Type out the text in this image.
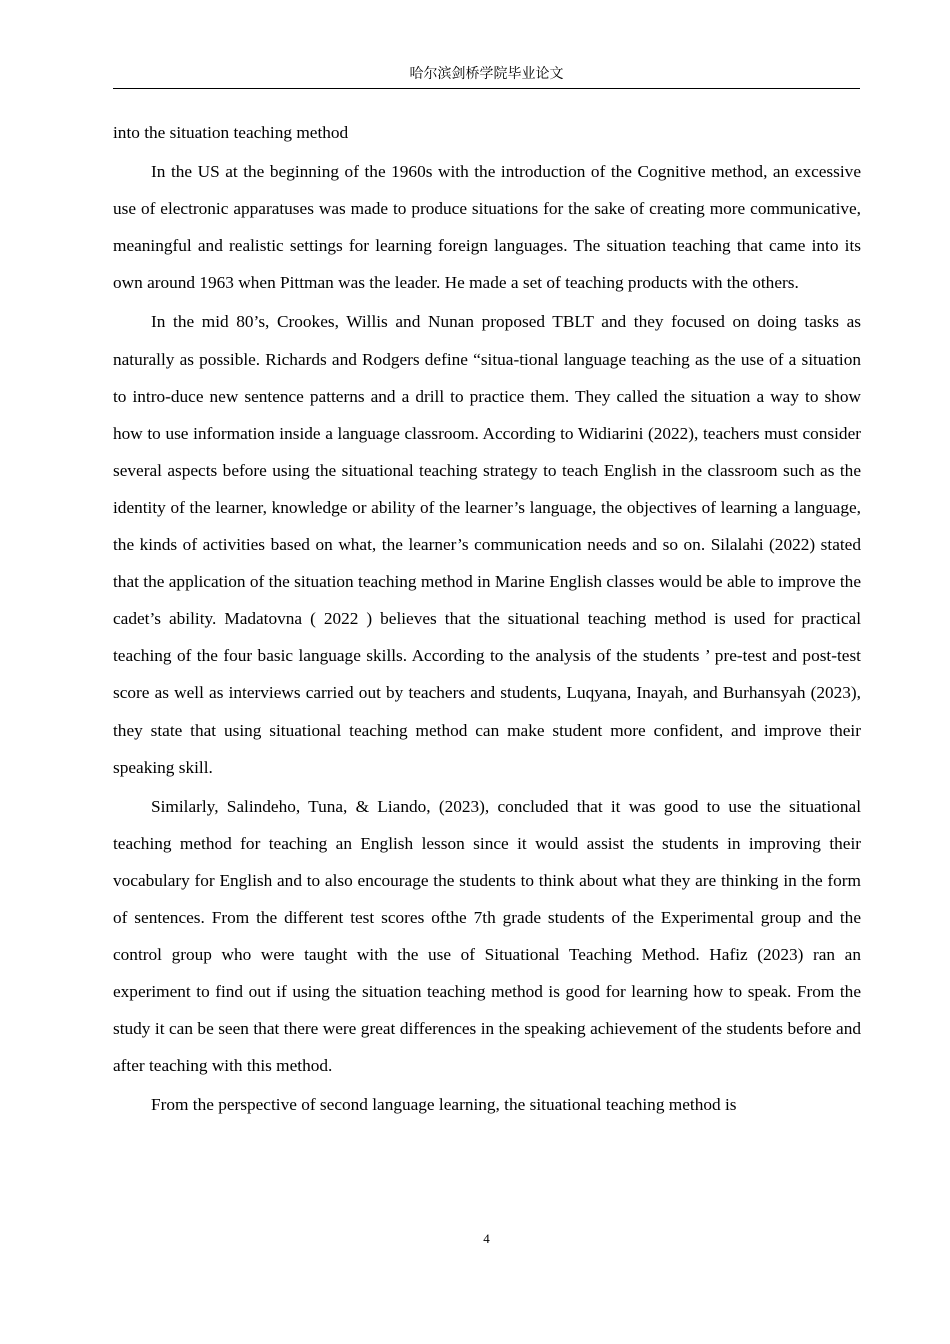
哈尔滨剑桥学院毕业论文

into the situation teaching method

In the US at the beginning of the 1960s with the introduction of the Cognitive method, an excessive use of electronic apparatuses was made to produce situations for the sake of creating more communicative, meaningful and realistic settings for learning foreign languages. The situation teaching that came into its own around 1963 when Pittman was the leader. He made a set of teaching products with the others.

In the mid 80’s, Crookes, Willis and Nunan proposed TBLT and they focused on doing tasks as naturally as possible. Richards and Rodgers define “situa-tional language teaching as the use of a situation to intro-duce new sentence patterns and a drill to practice them. They called the situation a way to show how to use information inside a language classroom. According to Widiarini (2022), teachers must consider several aspects before using the situational teaching strategy to teach English in the classroom such as the identity of the learner, knowledge or ability of the learner’s language, the objectives of learning a language, the kinds of activities based on what, the learner’s communication needs and so on. Silalahi (2022) stated that the application of the situation teaching method in Marine English classes would be able to improve the cadet’s ability. Madatovna ( 2022 ) believes that the situational teaching method is used for practical teaching of the four basic language skills. According to the analysis of the students ’ pre-test and post-test score as well as interviews carried out by teachers and students, Luqyana, Inayah, and Burhansyah (2023), they state that using situational teaching method can make student more confident, and improve their speaking skill.

Similarly, Salindeho, Tuna, & Liando, (2023), concluded that it was good to use the situational teaching method for teaching an English lesson since it would assist the students in improving their vocabulary for English and to also encourage the students to think about what they are thinking in the form of sentences. From the different test scores ofthe 7th grade students of the Experimental group and the control group who were taught with the use of Situational Teaching Method. Hafiz (2023) ran an experiment to find out if using the situation teaching method is good for learning how to speak. From the study it can be seen that there were great differences in the speaking achievement of the students before and after teaching with this method.

From the perspective of second language learning, the situational teaching method is

4
